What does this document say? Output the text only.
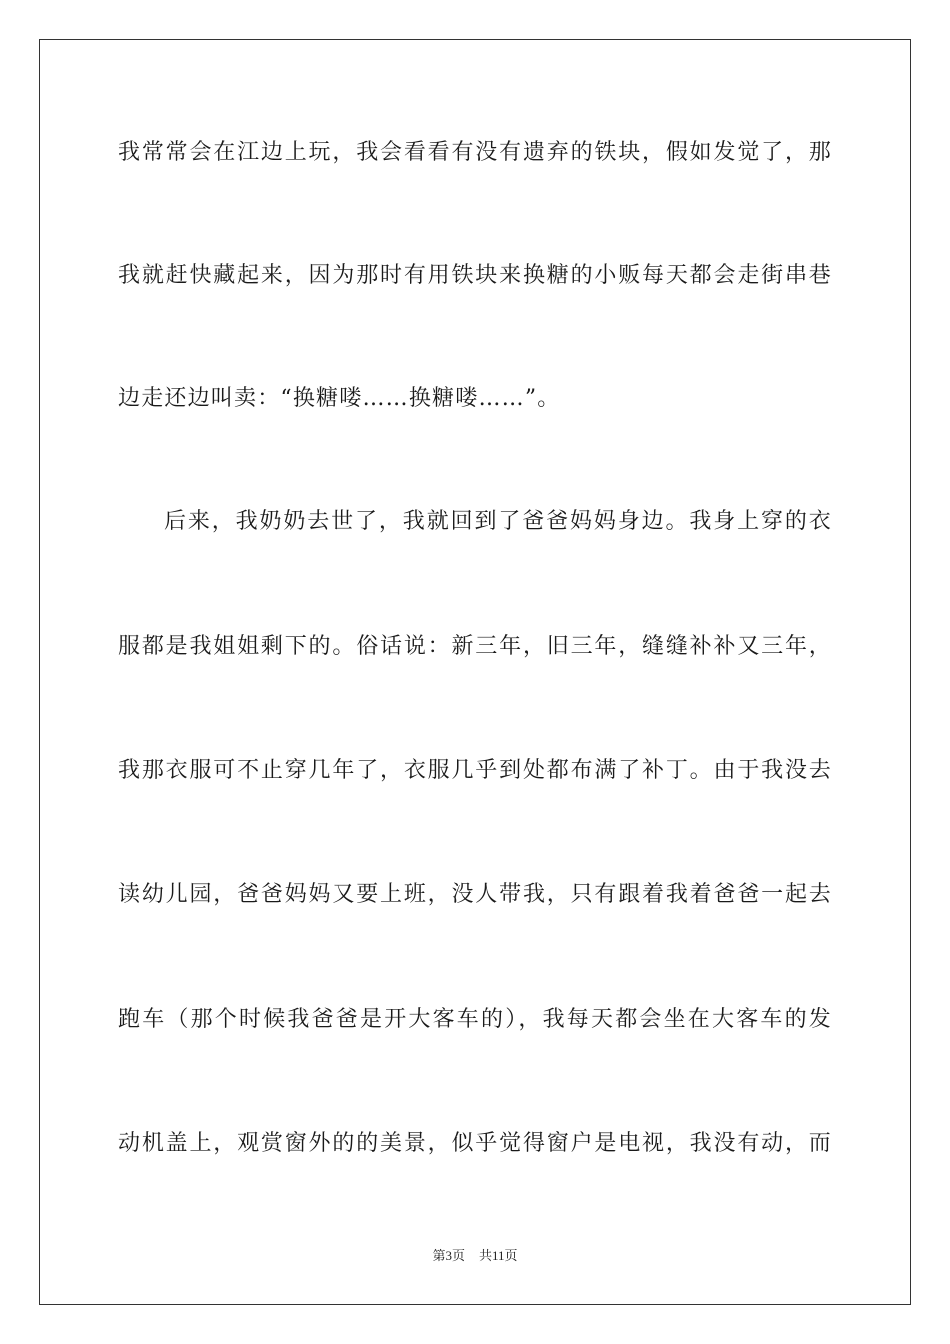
我常常会在江边上玩，我会看看有没有遗弃的铁块，假如发觉了，那
我就赶快藏起来，因为那时有用铁块来换糖的小贩每天都会走街串巷
边走还边叫卖：“换糖喽……换糖喽……”。
后来，我奶奶去世了，我就回到了爸爸妈妈身边。我身上穿的衣
服都是我姐姐剩下的。俗话说：新三年，旧三年，缝缝补补又三年，
我那衣服可不止穿几年了，衣服几乎到处都布满了补丁。由于我没去
读幼儿园，爸爸妈妈又要上班，没人带我，只有跟着我着爸爸一起去
跑车（那个时候我爸爸是开大客车的），我每天都会坐在大客车的发
动机盖上，观赏窗外的的美景，似乎觉得窗户是电视，我没有动，而
第3页 共11页
